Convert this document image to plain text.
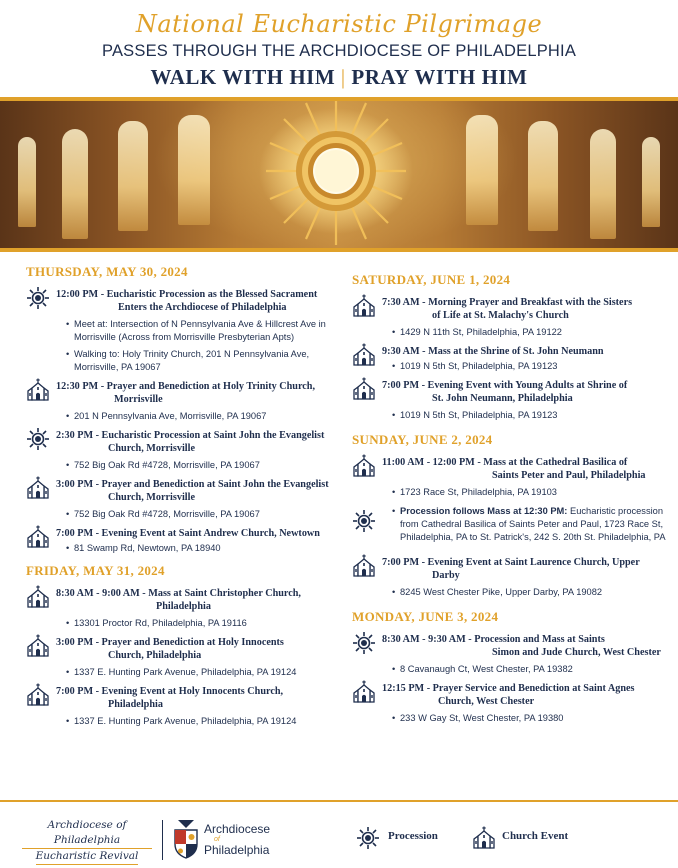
National Eucharistic Pilgrimage
PASSES THROUGH THE ARCHDIOCESE OF PHILADELPHIA
WALK WITH HIM | PRAY WITH HIM
THURSDAY, MAY 30, 2024
12:00 PM - Eucharistic Procession as the Blessed Sacrament
Enters the Archdiocese of Philadelphia
• Meet at: Intersection of N Pennsylvania Ave & Hillcrest Ave in Morrisville (Across from Morrisville Presbyterian Apts)
• Walking to: Holy Trinity Church, 201 N Pennsylvania Ave, Morrisville, PA 19067
12:30 PM - Prayer and Benediction at Holy Trinity Church,
Morrisville
• 201 N Pennsylvania Ave, Morrisville, PA 19067
2:30 PM - Eucharistic Procession at Saint John the Evangelist
Church, Morrisville
• 752 Big Oak Rd #4728, Morrisville, PA 19067
3:00 PM - Prayer and Benediction at Saint John the Evangelist
Church, Morrisville
• 752 Big Oak Rd #4728, Morrisville, PA 19067
7:00 PM - Evening Event at Saint Andrew Church, Newtown
• 81 Swamp Rd, Newtown, PA 18940
FRIDAY, MAY 31, 2024
8:30 AM - 9:00 AM - Mass at Saint Christopher Church,
Philadelphia
• 13301 Proctor Rd, Philadelphia, PA 19116
3:00 PM - Prayer and Benediction at Holy Innocents
Church, Philadelphia
• 1337 E. Hunting Park Avenue, Philadelphia, PA 19124
7:00 PM - Evening Event at Holy Innocents Church,
Philadelphia
• 1337 E. Hunting Park Avenue, Philadelphia, PA 19124
SATURDAY, JUNE 1, 2024
7:30 AM - Morning Prayer and Breakfast with the Sisters
of Life at St. Malachy's Church
• 1429 N 11th St, Philadelphia, PA 19122
9:30 AM - Mass at the Shrine of St. John Neumann
• 1019 N 5th St, Philadelphia, PA 19123
7:00 PM - Evening Event with Young Adults at Shrine of
St. John Neumann, Philadelphia
• 1019 N 5th St, Philadelphia, PA 19123
SUNDAY, JUNE 2, 2024
11:00 AM - 12:00 PM - Mass at the Cathedral Basilica of
Saints Peter and Paul, Philadelphia
• 1723 Race St, Philadelphia, PA 19103
• Procession follows Mass at 12:30 PM: Eucharistic procession from Cathedral Basilica of Saints Peter and Paul, 1723 Race St, Philadelphia, PA to St. Patrick's, 242 S. 20th St. Philadelphia, PA
7:00 PM - Evening Event at Saint Laurence Church, Upper
Darby
• 8245 West Chester Pike, Upper Darby, PA 19082
MONDAY, JUNE 3, 2024
8:30 AM - 9:30 AM - Procession and Mass at Saints
Simon and Jude Church, West Chester
• 8 Cavanaugh Ct, West Chester, PA 19382
12:15 PM - Prayer Service and Benediction at Saint Agnes
Church, West Chester
• 233 W Gay St, West Chester, PA 19380
Archdiocese of Philadelphia
Eucharistic Revival
Archdiocese
of
Philadelphia
Procession	Church Event
